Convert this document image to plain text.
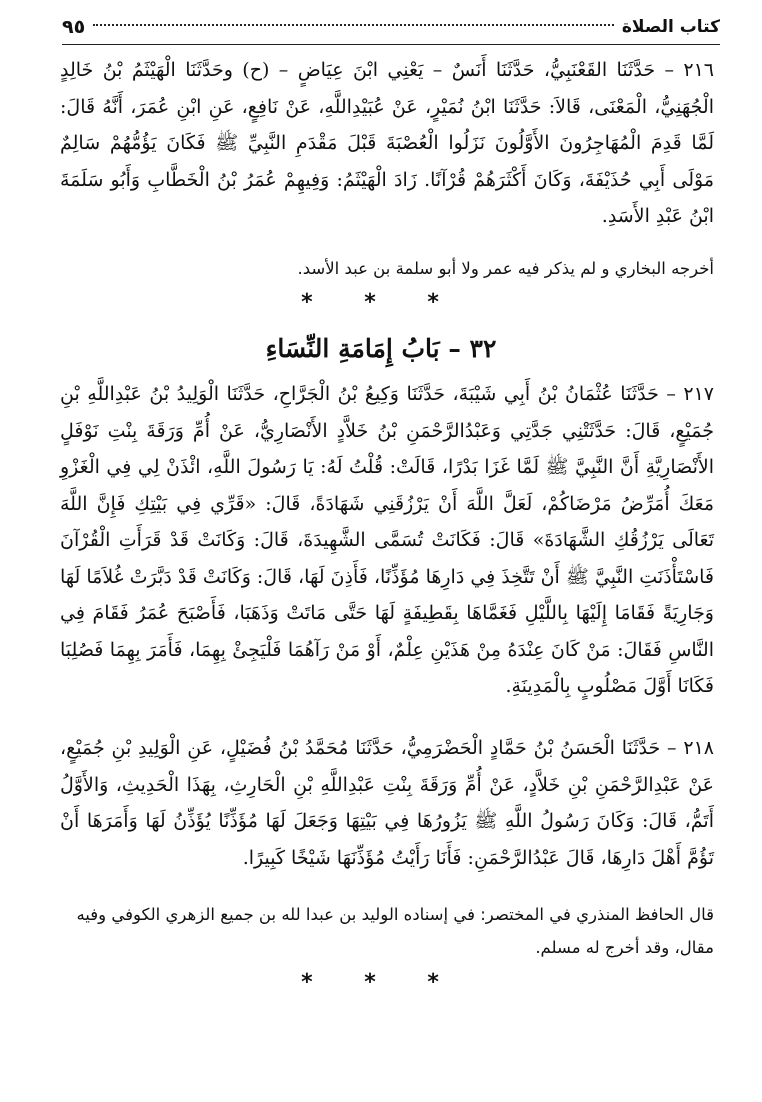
كتاب الصلاة
٩٥
٢١٦ – حَدَّثَنَا القَعْنَبِيُّ، حَدَّثَنَا أَنَسٌ – يَعْنِي ابْنَ عِيَاضٍ – (ح) وحَدَّثَنَا الْهَيْثَمُ بْنُ خَالِدٍ الْجُهَنِيُّ، الْمَعْنَى، قَالاَ: حَدَّثَنَا ابْنُ نُمَيْرٍ، عَنْ عُبَيْدِاللَّهِ، عَنْ نَافِعٍ، عَنِ ابْنِ عُمَرَ، أَنَّهُ قَالَ: لَمَّا قَدِمَ الْمُهَاجِرُونَ الأَوَّلُونَ نَزَلُوا الْعُصْبَةَ قَبْلَ مَقْدَمِ النَّبِيِّ ﷺ فَكَانَ يَؤُمُّهُمْ سَالِمٌ مَوْلَى أَبِي حُذَيْفَةَ، وَكَانَ أَكْثَرَهُمْ قُرْآنًا. زَادَ الْهَيْثَمُ: وَفِيهِمْ عُمَرُ بْنُ الْخَطَّابِ وَأَبُو سَلَمَةَ ابْنُ عَبْدِ الأَسَدِ.
أخرجه البخاري و لم يذكر فيه عمر ولا أبو سلمة بن عبد الأسد.
* * *
٣٢ – بَابُ إِمَامَةِ النِّسَاءِ
٢١٧ – حَدَّثَنَا عُثْمَانُ بْنُ أَبِي شَيْبَةَ، حَدَّثَنَا وَكِيعُ بْنُ الْجَرَّاحِ، حَدَّثَنَا الْوَلِيدُ بْنُ عَبْدِاللَّهِ بْنِ جُمَيْعٍ، قَالَ: حَدَّثَتْنِي جَدَّتِي وَعَبْدُالرَّحْمَنِ بْنُ خَلاَّدٍ الأَنْصَارِيُّ، عَنْ أُمِّ وَرَقَةَ بِنْتِ نَوْفَلٍ الأَنْصَارِيَّةِ أَنَّ النَّبِيَّ ﷺ لَمَّا غَزَا بَدْرًا، قَالَتْ: قُلْتُ لَهُ: يَا رَسُولَ اللَّهِ، ائْذَنْ لِي فِي الْغَزْوِ مَعَكَ أُمَرِّضُ مَرْضَاكُمْ، لَعَلَّ اللَّهَ أَنْ يَرْزُقَنِي شَهَادَةً، قَالَ: «قَرِّي فِي بَيْتِكِ فَإِنَّ اللَّهَ تَعَالَى يَرْزُقُكِ الشَّهَادَةَ» قَالَ: فَكَانَتْ تُسَمَّى الشَّهِيدَةَ، قَالَ: وَكَانَتْ قَدْ قَرَأَتِ الْقُرْآنَ فَاسْتَأْذَنَتِ النَّبِيَّ ﷺ أَنْ تَتَّخِذَ فِي دَارِهَا مُؤَذِّنًا، فَأَذِنَ لَهَا، قَالَ: وَكَانَتْ قَدْ دَبَّرَتْ غُلاَمًا لَهَا وَجَارِيَةً فَقَامَا إِلَيْهَا بِاللَّيْلِ فَغَمَّاهَا بِقَطِيفَةٍ لَهَا حَتَّى مَاتَتْ وَذَهَبَا، فَأَصْبَحَ عُمَرُ فَقَامَ فِي النَّاسِ فَقَالَ: مَنْ كَانَ عِنْدَهُ مِنْ هَذَيْنِ عِلْمٌ، أَوْ مَنْ رَآهُمَا فَلْيَجِئْ بِهِمَا، فَأَمَرَ بِهِمَا فَصُلِبَا فَكَانَا أَوَّلَ مَصْلُوبٍ بِالْمَدِينَةِ.
٢١٨ – حَدَّثَنَا الْحَسَنُ بْنُ حَمَّادٍ الْحَضْرَمِيُّ، حَدَّثَنَا مُحَمَّدُ بْنُ فُضَيْلٍ، عَنِ الْوَلِيدِ بْنِ جُمَيْعٍ، عَنْ عَبْدِالرَّحْمَنِ بْنِ خَلاَّدٍ، عَنْ أُمِّ وَرَقَةَ بِنْتِ عَبْدِاللَّهِ بْنِ الْحَارِثِ، بِهَذَا الْحَدِيثِ، وَالأَوَّلُ أَتَمُّ، قَالَ: وَكَانَ رَسُولُ اللَّهِ ﷺ يَزُورُهَا فِي بَيْتِهَا وَجَعَلَ لَهَا مُؤَذِّنًا يُؤَذِّنُ لَهَا وَأَمَرَهَا أَنْ تَؤُمَّ أَهْلَ دَارِهَا، قَالَ عَبْدُالرَّحْمَنِ: فَأَنَا رَأَيْتُ مُؤَذِّنَهَا شَيْخًا كَبِيرًا.
قال الحافظ المنذري في المختصر: في إسناده الوليد بن عبدا لله بن جميع الزهري الكوفي وفيه مقال، وقد أخرج له مسلم.
* * *
